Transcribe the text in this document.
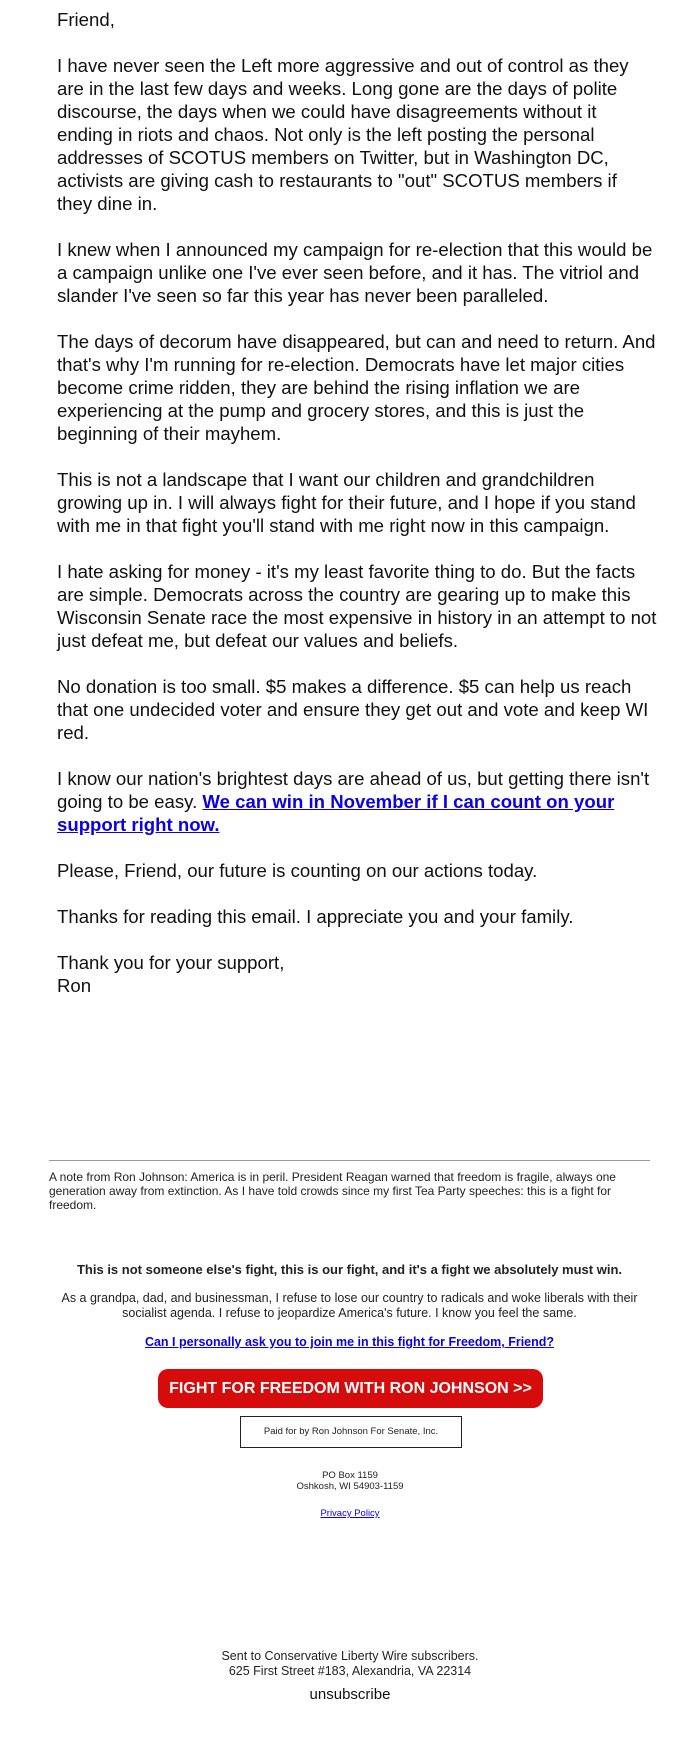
Friend,

I have never seen the Left more aggressive and out of control as they are in the last few days and weeks. Long gone are the days of polite discourse, the days when we could have disagreements without it ending in riots and chaos. Not only is the left posting the personal addresses of SCOTUS members on Twitter, but in Washington DC, activists are giving cash to restaurants to "out" SCOTUS members if they dine in.

I knew when I announced my campaign for re-election that this would be a campaign unlike one I've ever seen before, and it has. The vitriol and slander I've seen so far this year has never been paralleled.

The days of decorum have disappeared, but can and need to return. And that's why I'm running for re-election. Democrats have let major cities become crime ridden, they are behind the rising inflation we are experiencing at the pump and grocery stores, and this is just the beginning of their mayhem.

This is not a landscape that I want our children and grandchildren growing up in. I will always fight for their future, and I hope if you stand with me in that fight you'll stand with me right now in this campaign.

I hate asking for money - it's my least favorite thing to do. But the facts are simple. Democrats across the country are gearing up to make this Wisconsin Senate race the most expensive in history in an attempt to not just defeat me, but defeat our values and beliefs.

No donation is too small. $5 makes a difference. $5 can help us reach that one undecided voter and ensure they get out and vote and keep WI red.

I know our nation's brightest days are ahead of us, but getting there isn't going to be easy. We can win in November if I can count on your support right now.

Please, Friend, our future is counting on our actions today.

Thanks for reading this email. I appreciate you and your family.

Thank you for your support,
Ron

A note from Ron Johnson: America is in peril. President Reagan warned that freedom is fragile, always one generation away from extinction. As I have told crowds since my first Tea Party speeches: this is a fight for freedom.

This is not someone else's fight, this is our fight, and it's a fight we absolutely must win.

As a grandpa, dad, and businessman, I refuse to lose our country to radicals and woke liberals with their socialist agenda. I refuse to jeopardize America's future. I know you feel the same.

Can I personally ask you to join me in this fight for Freedom, Friend?
FIGHT FOR FREEDOM WITH RON JOHNSON >>
Paid for by Ron Johnson For Senate, Inc.
PO Box 1159
Oshkosh, WI 54903-1159
Privacy Policy
Sent to Conservative Liberty Wire subscribers.
625 First Street #183, Alexandria, VA 22314
unsubscribe
